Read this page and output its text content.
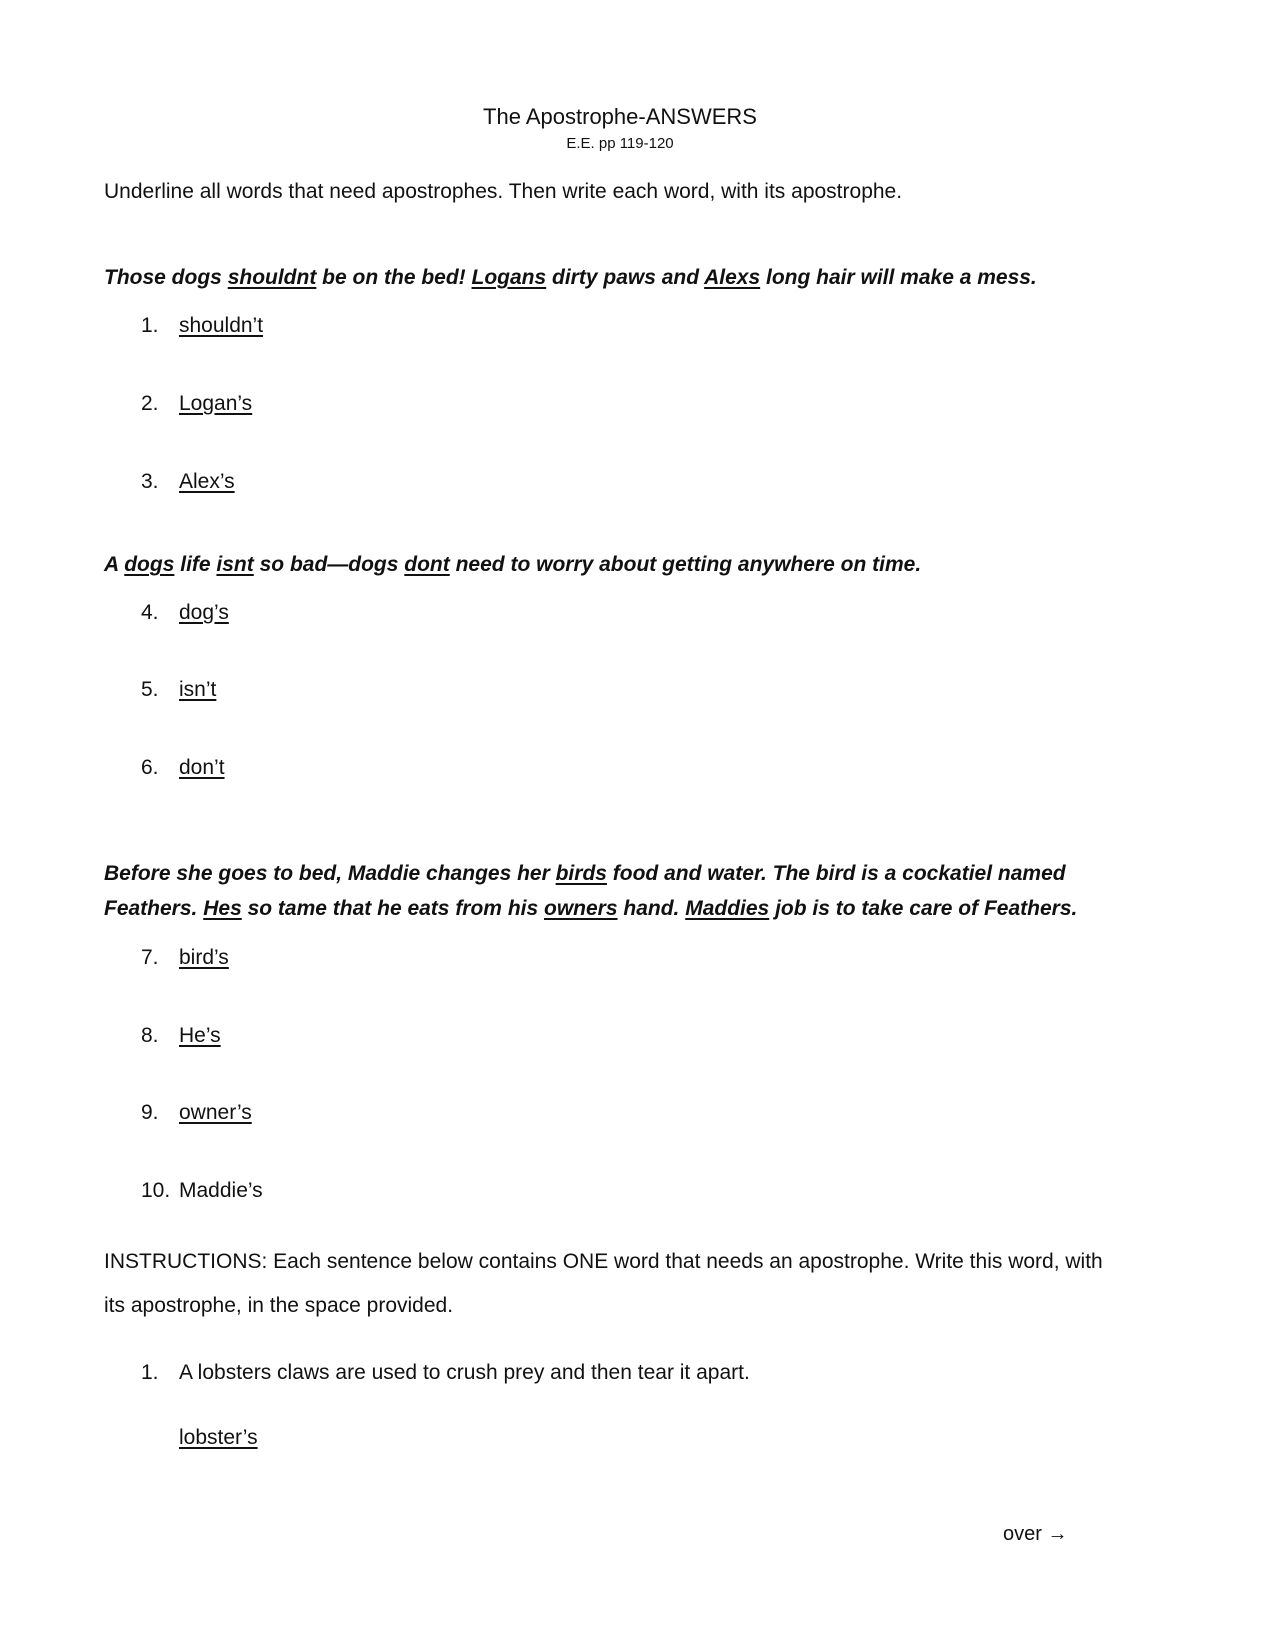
The Apostrophe-ANSWERS
E.E. pp 119-120
Underline all words that need apostrophes. Then write each word, with its apostrophe.
Those dogs shouldnt be on the bed! Logans dirty paws and Alexs long hair will make a mess.
1. shouldn’t
2. Logan’s
3. Alex’s
A dogs life isnt so bad—dogs dont need to worry about getting anywhere on time.
4. dog’s
5. isn’t
6. don’t
Before she goes to bed, Maddie changes her birds food and water. The bird is a cockatiel named
Feathers. Hes so tame that he eats from his owners hand. Maddies job is to take care of Feathers.
7. bird’s
8. He’s
9. owner’s
10. Maddie’s
INSTRUCTIONS: Each sentence below contains ONE word that needs an apostrophe. Write this word, with
its apostrophe, in the space provided.
1. A lobsters claws are used to crush prey and then tear it apart.
lobster’s
over →
